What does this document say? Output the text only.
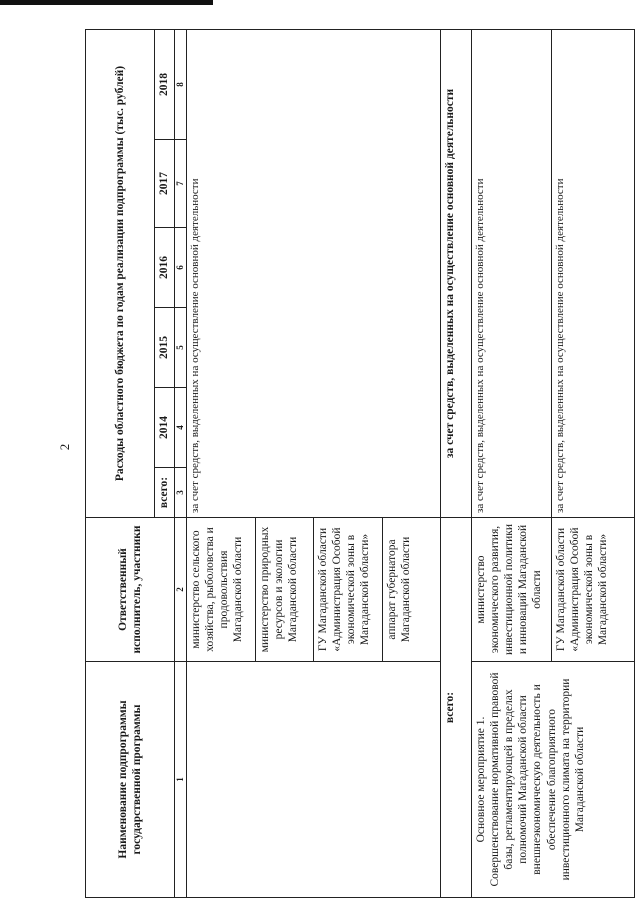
2
Наименование подпрограммы государственной программы	Ответственный исполнитель, участники	Расходы областного бюджета по годам реализации подпрограммы (тыс. рублей)					
		всего:	2014	2015	2016	2017	2018
1	2	3	4	5	6	7	8
	министерство сельского хозяйства, рыболовства и продовольствия Магаданской области	за счет средств, выделенных на осуществление основной деятельности					
	министерство природных ресурсов и экологии Магаданской области						
	ГУ Магаданской области «Администрация Особой экономической зоны в Магаданской области»						
	аппарат губернатора Магаданской области						
всего:		за счет средств, выделенных на осуществление основной деятельности					
Основное мероприятие 1. Совершенствование нормативной правовой базы, регламентирующей в пределах полномочий Магаданской области внешнеэкономическую деятельность и обеспечение благоприятного инвестиционного климата на территории Магаданской области	министерство экономического развития, инвестиционной политики и инноваций Магаданской области	за счет средств, выделенных на осуществление основной деятельности					
	ГУ Магаданской области «Администрация Особой экономической зоны в Магаданской области»	за счет средств, выделенных на осуществление основной деятельности					
